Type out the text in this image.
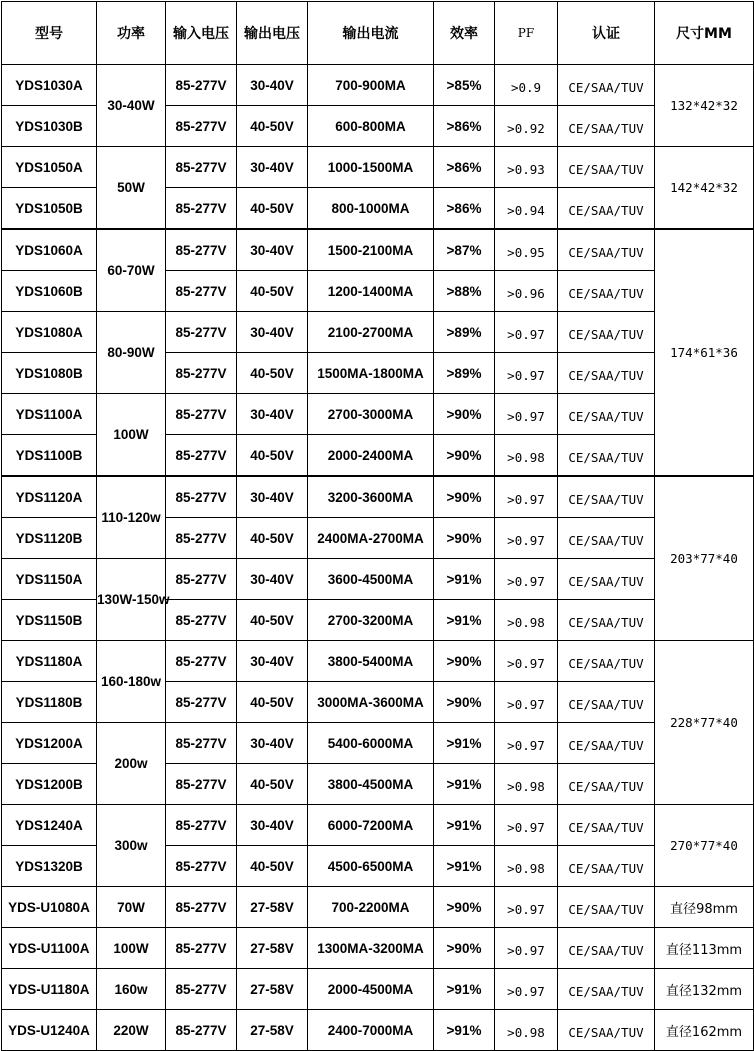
型号	功率	输入电压	输出电压	输出电流	效率	PF	认证	尺寸MM
YDS1030A	30-40W	85-277V	30-40V	700-900MA	>85%	>0.9	CE/SAA/TUV	132*42*32
YDS1030B		85-277V	40-50V	600-800MA	>86%	>0.92	CE/SAA/TUV	
YDS1050A	50W	85-277V	30-40V	1000-1500MA	>86%	>0.93	CE/SAA/TUV	142*42*32
YDS1050B		85-277V	40-50V	800-1000MA	>86%	>0.94	CE/SAA/TUV	
YDS1060A	60-70W	85-277V	30-40V	1500-2100MA	>87%	>0.95	CE/SAA/TUV	174*61*36
YDS1060B		85-277V	40-50V	1200-1400MA	>88%	>0.96	CE/SAA/TUV	
YDS1080A	80-90W	85-277V	30-40V	2100-2700MA	>89%	>0.97	CE/SAA/TUV	
YDS1080B		85-277V	40-50V	1500MA-1800MA	>89%	>0.97	CE/SAA/TUV	
YDS1100A	100W	85-277V	30-40V	2700-3000MA	>90%	>0.97	CE/SAA/TUV	
YDS1100B		85-277V	40-50V	2000-2400MA	>90%	>0.98	CE/SAA/TUV	
YDS1120A	110-120w	85-277V	30-40V	3200-3600MA	>90%	>0.97	CE/SAA/TUV	203*77*40
YDS1120B		85-277V	40-50V	2400MA-2700MA	>90%	>0.97	CE/SAA/TUV	
YDS1150A	130W-150w	85-277V	30-40V	3600-4500MA	>91%	>0.97	CE/SAA/TUV	
YDS1150B		85-277V	40-50V	2700-3200MA	>91%	>0.98	CE/SAA/TUV	
YDS1180A	160-180w	85-277V	30-40V	3800-5400MA	>90%	>0.97	CE/SAA/TUV	228*77*40
YDS1180B		85-277V	40-50V	3000MA-3600MA	>90%	>0.97	CE/SAA/TUV	
YDS1200A	200w	85-277V	30-40V	5400-6000MA	>91%	>0.97	CE/SAA/TUV	
YDS1200B		85-277V	40-50V	3800-4500MA	>91%	>0.98	CE/SAA/TUV	
YDS1240A	300w	85-277V	30-40V	6000-7200MA	>91%	>0.97	CE/SAA/TUV	270*77*40
YDS1320B		85-277V	40-50V	4500-6500MA	>91%	>0.98	CE/SAA/TUV	
YDS-U1080A	70W	85-277V	27-58V	700-2200MA	>90%	>0.97	CE/SAA/TUV	直径98mm
YDS-U1100A	100W	85-277V	27-58V	1300MA-3200MA	>90%	>0.97	CE/SAA/TUV	直径113mm
YDS-U1180A	160w	85-277V	27-58V	2000-4500MA	>91%	>0.97	CE/SAA/TUV	直径132mm
YDS-U1240A	220W	85-277V	27-58V	2400-7000MA	>91%	>0.98	CE/SAA/TUV	直径162mm
